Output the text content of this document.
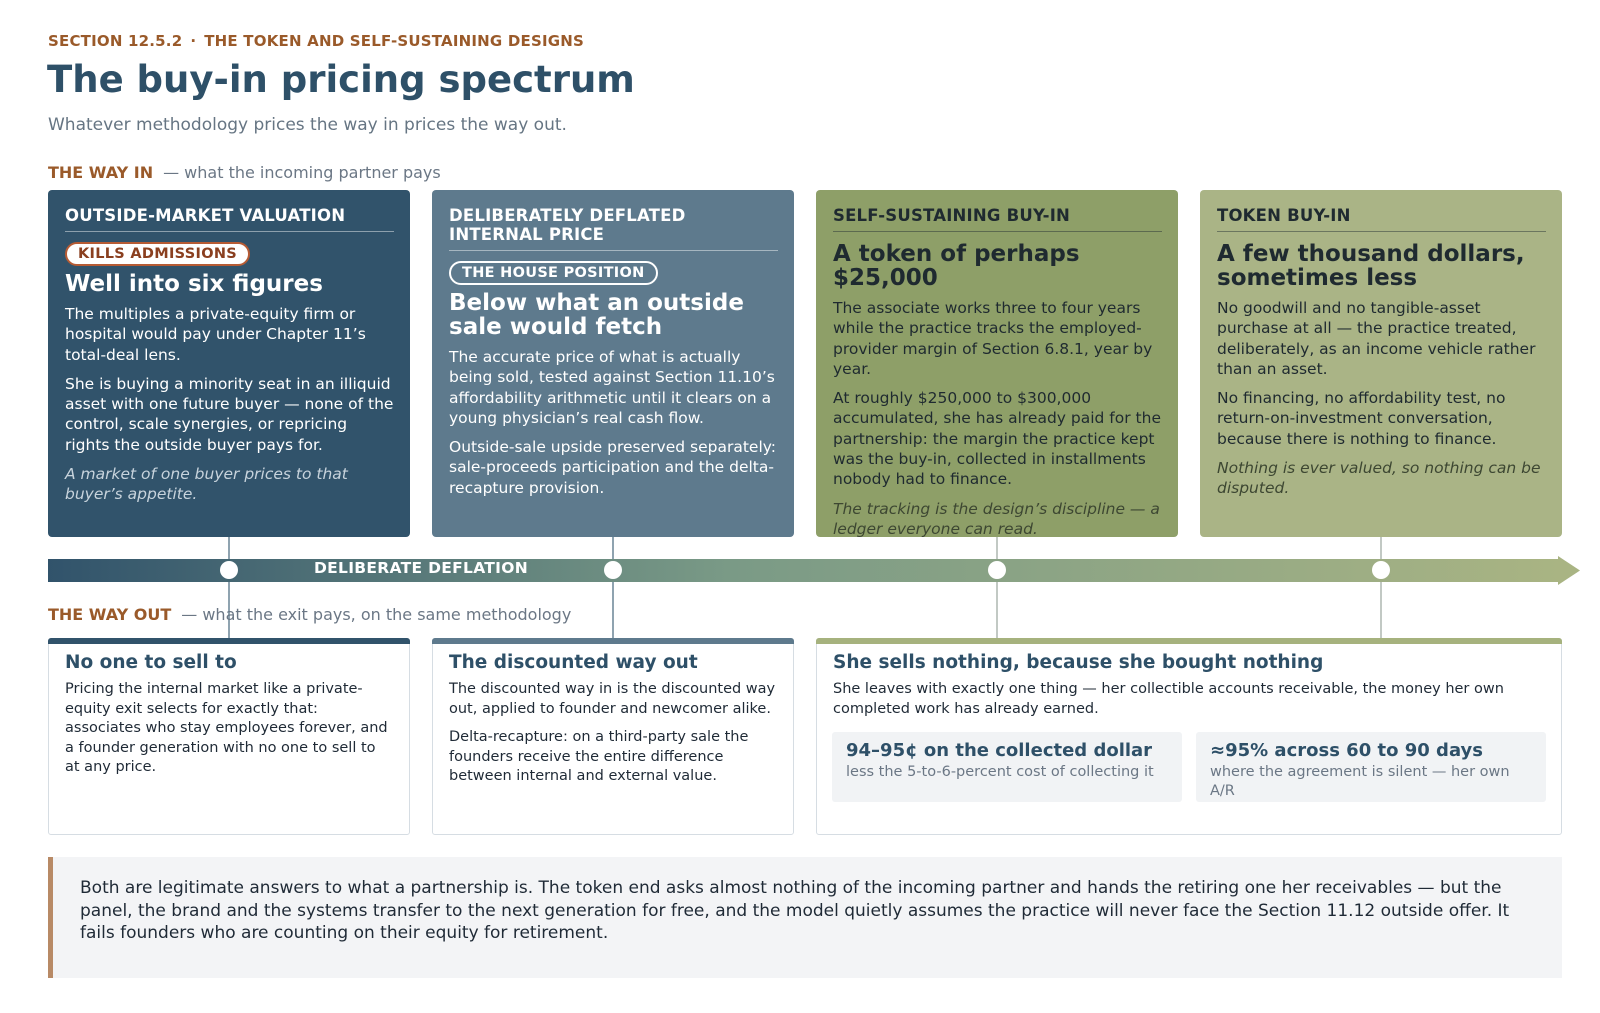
SECTION 12.5.2 · THE TOKEN AND SELF-SUSTAINING DESIGNS
The buy-in pricing spectrum
Whatever methodology prices the way in prices the way out.
THE WAY IN — what the incoming partner pays
OUTSIDE-MARKET VALUATION
KILLS ADMISSIONS
Well into six figures
The multiples a private-equity firm or hospital would pay under Chapter 11’s total-deal lens.
She is buying a minority seat in an illiquid asset with one future buyer — none of the control, scale synergies, or repricing rights the outside buyer pays for.
A market of one buyer prices to that buyer’s appetite.
DELIBERATELY DEFLATED INTERNAL PRICE
THE HOUSE POSITION
Below what an outside sale would fetch
The accurate price of what is actually being sold, tested against Section 11.10’s affordability arithmetic until it clears on a young physician’s real cash flow.
Outside-sale upside preserved separately: sale-proceeds participation and the delta-recapture provision.
SELF-SUSTAINING BUY-IN
A token of perhaps $25,000
The associate works three to four years while the practice tracks the employed-provider margin of Section 6.8.1, year by year.
At roughly $250,000 to $300,000 accumulated, she has already paid for the partnership: the margin the practice kept was the buy-in, collected in installments nobody had to finance.
The tracking is the design’s discipline — a ledger everyone can read.
TOKEN BUY-IN
A few thousand dollars, sometimes less
No goodwill and no tangible-asset purchase at all — the practice treated, deliberately, as an income vehicle rather than an asset.
No financing, no affordability test, no return-on-investment conversation, because there is nothing to finance.
Nothing is ever valued, so nothing can be disputed.
DELIBERATE DEFLATION
THE WAY OUT — what the exit pays, on the same methodology
No one to sell to
Pricing the internal market like a private-equity exit selects for exactly that: associates who stay employees forever, and a founder generation with no one to sell to at any price.
The discounted way out
The discounted way in is the discounted way out, applied to founder and newcomer alike.
Delta-recapture: on a third-party sale the founders receive the entire difference between internal and external value.
She sells nothing, because she bought nothing
She leaves with exactly one thing — her collectible accounts receivable, the money her own completed work has already earned.
94–95¢ on the collected dollar
less the 5-to-6-percent cost of collecting it
≈95% across 60 to 90 days
where the agreement is silent — her own A/R
Both are legitimate answers to what a partnership is. The token end asks almost nothing of the incoming partner and hands the retiring one her receivables — but the panel, the brand and the systems transfer to the next generation for free, and the model quietly assumes the practice will never face the Section 11.12 outside offer. It fails founders who are counting on their equity for retirement.
